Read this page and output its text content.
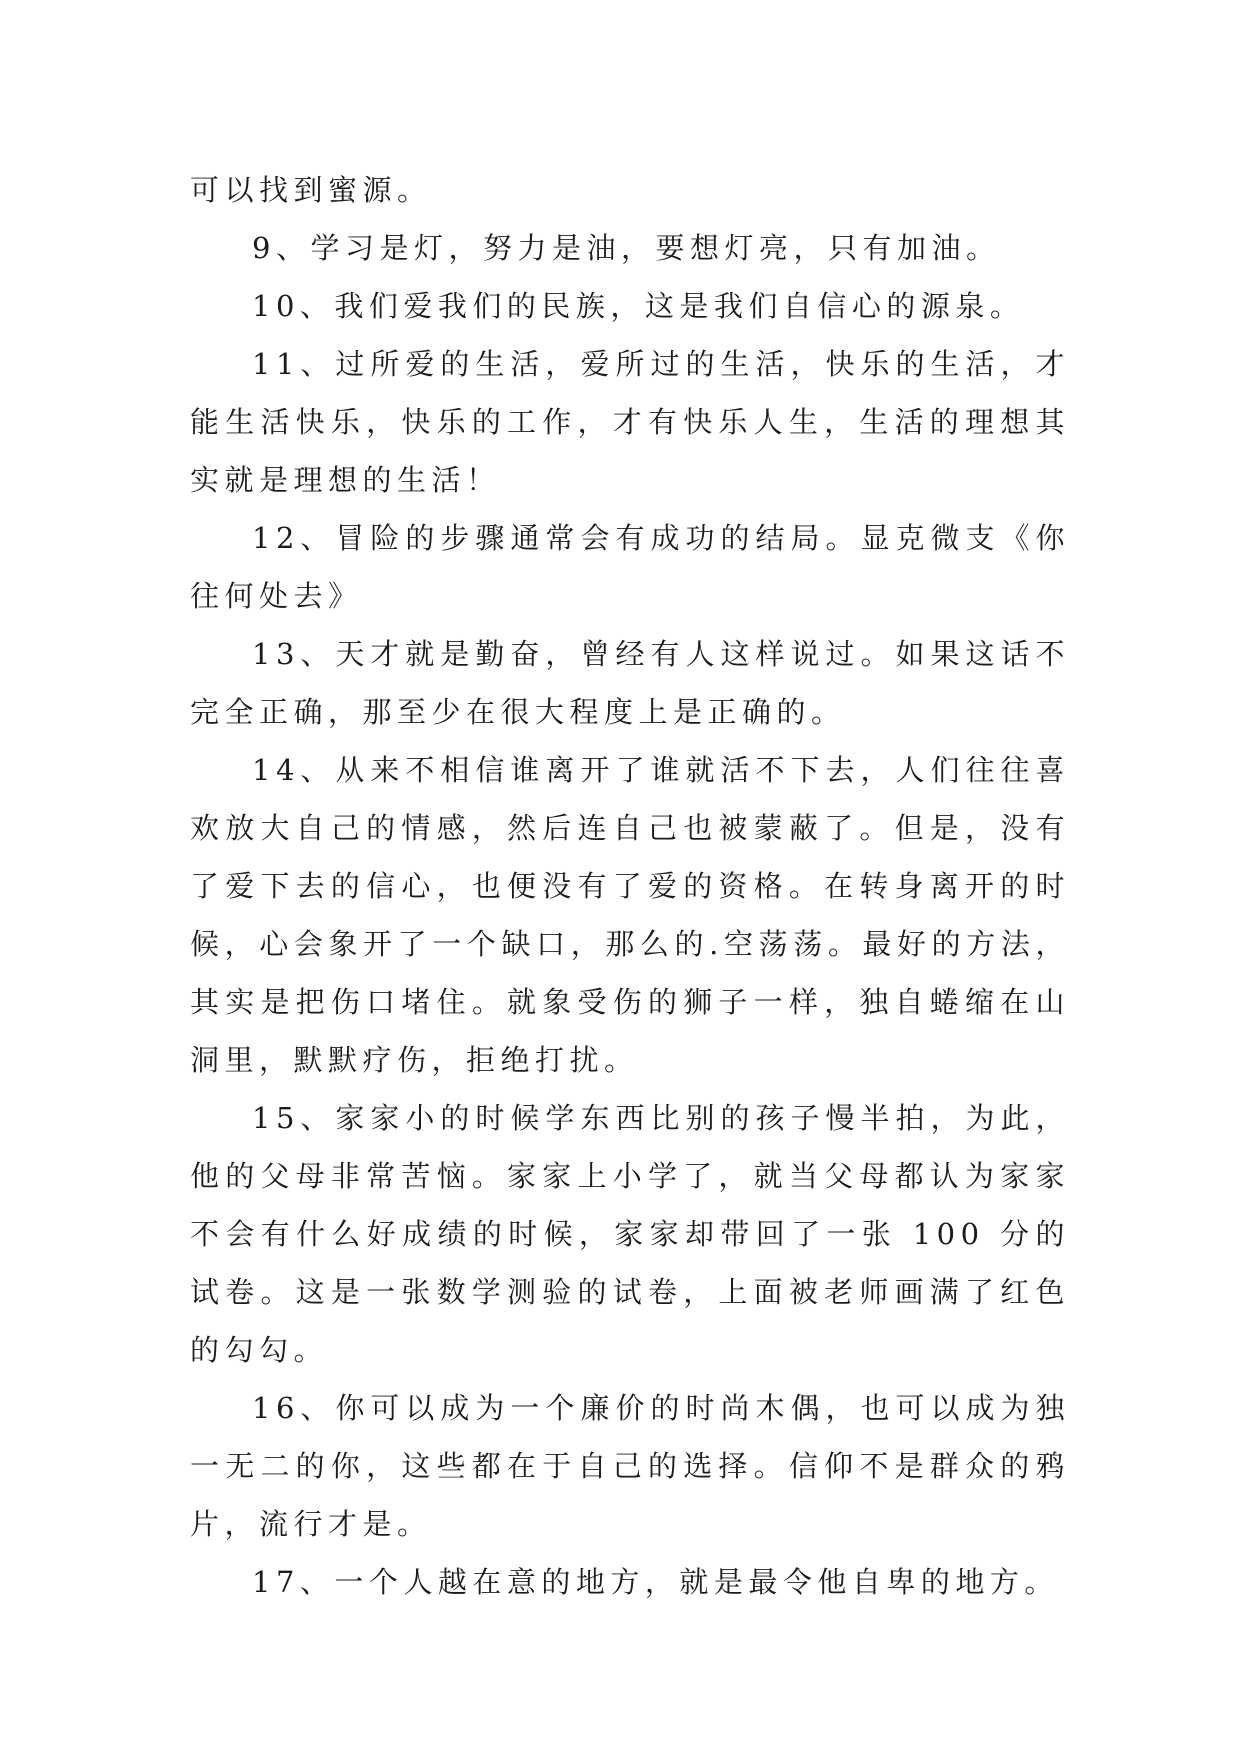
可以找到蜜源。

9、学习是灯，努力是油，要想灯亮，只有加油。

10、我们爱我们的民族，这是我们自信心的源泉。

11、过所爱的生活，爱所过的生活，快乐的生活，才能生活快乐，快乐的工作，才有快乐人生，生活的理想其实就是理想的生活！

12、冒险的步骤通常会有成功的结局。显克微支《你往何处去》

13、天才就是勤奋，曾经有人这样说过。如果这话不完全正确，那至少在很大程度上是正确的。

14、从来不相信谁离开了谁就活不下去，人们往往喜欢放大自己的情感，然后连自己也被蒙蔽了。但是，没有了爱下去的信心，也便没有了爱的资格。在转身离开的时候，心会象开了一个缺口，那么的.空荡荡。最好的方法，其实是把伤口堵住。就象受伤的狮子一样，独自蜷缩在山洞里，默默疗伤，拒绝打扰。

15、家家小的时候学东西比别的孩子慢半拍，为此，他的父母非常苦恼。家家上小学了，就当父母都认为家家不会有什么好成绩的时候，家家却带回了一张 100 分的试卷。这是一张数学测验的试卷，上面被老师画满了红色的勾勾。

16、你可以成为一个廉价的时尚木偶，也可以成为独一无二的你，这些都在于自己的选择。信仰不是群众的鸦片，流行才是。

17、一个人越在意的地方，就是最令他自卑的地方。
